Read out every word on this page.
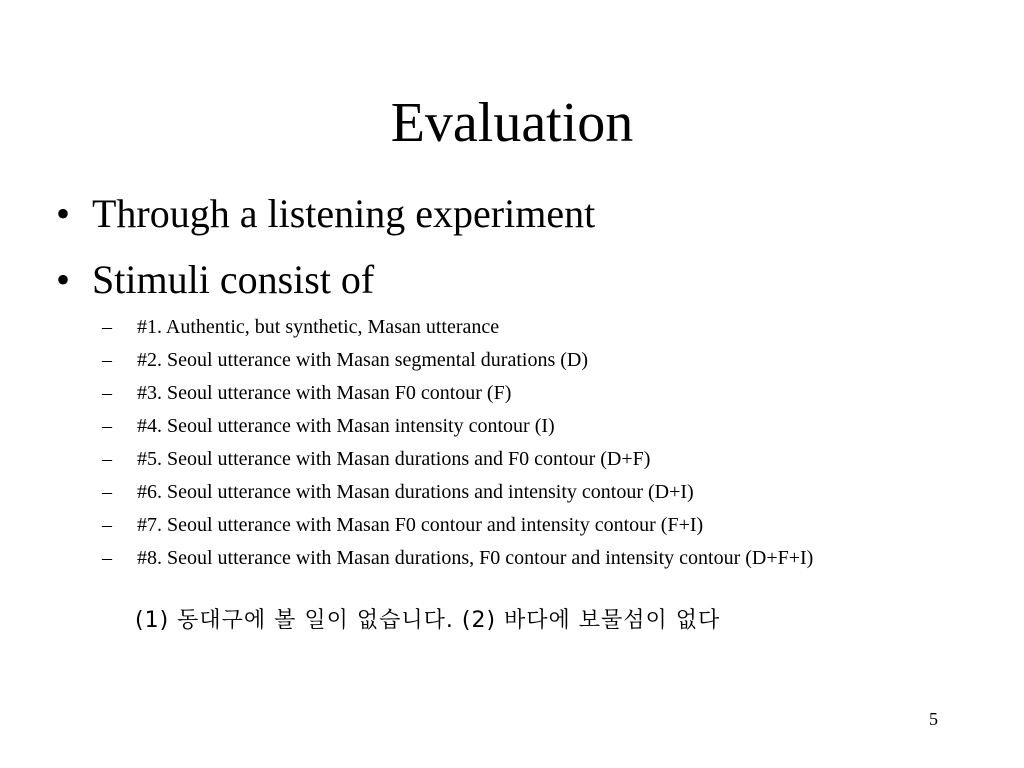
Evaluation
• Through a listening experiment
• Stimuli consist of
– #1. Authentic, but synthetic, Masan utterance
– #2. Seoul utterance with Masan segmental durations (D)
– #3. Seoul utterance with Masan F0 contour (F)
– #4. Seoul utterance with Masan intensity contour (I)
– #5. Seoul utterance with Masan durations and F0 contour (D+F)
– #6. Seoul utterance with Masan durations and intensity contour (D+I)
– #7. Seoul utterance with Masan F0 contour and intensity contour (F+I)
– #8. Seoul utterance with Masan durations, F0 contour and intensity contour (D+F+I)
(1) 동대구에 볼 일이 없습니다. (2) 바다에 보물섬이 없다
5
